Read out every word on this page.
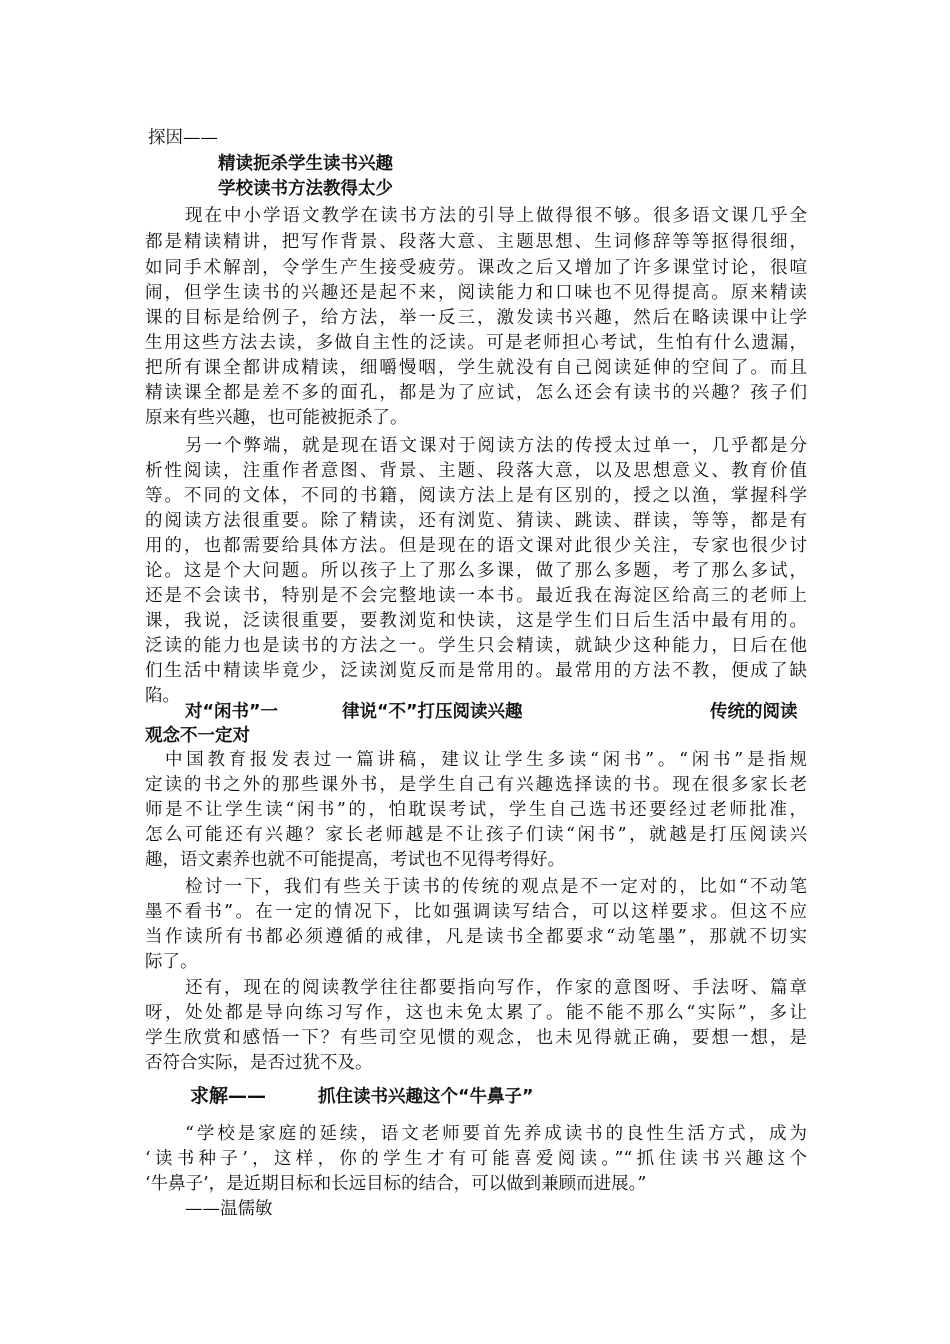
探因——
精读扼杀学生读书兴趣
学校读书方法教得太少
现在中小学语文教学在读书方法的引导上做得很不够。很多语文课几乎全
都是精读精讲，把写作背景、段落大意、主题思想、生词修辞等等抠得很细，
如同手术解剖，令学生产生接受疲劳。课改之后又增加了许多课堂讨论，很喧
闹，但学生读书的兴趣还是起不来，阅读能力和口味也不见得提高。原来精读
课的目标是给例子，给方法，举一反三，激发读书兴趣，然后在略读课中让学
生用这些方法去读，多做自主性的泛读。可是老师担心考试，生怕有什么遗漏，
把所有课全都讲成精读，细嚼慢咽，学生就没有自己阅读延伸的空间了。而且
精读课全都是差不多的面孔，都是为了应试，怎么还会有读书的兴趣？孩子们
原来有些兴趣，也可能被扼杀了。
另一个弊端，就是现在语文课对于阅读方法的传授太过单一，几乎都是分
析性阅读，注重作者意图、背景、主题、段落大意，以及思想意义、教育价值
等。不同的文体，不同的书籍，阅读方法上是有区别的，授之以渔，掌握科学
的阅读方法很重要。除了精读，还有浏览、猜读、跳读、群读，等等，都是有
用的，也都需要给具体方法。但是现在的语文课对此很少关注，专家也很少讨
论。这是个大问题。所以孩子上了那么多课，做了那么多题，考了那么多试，
还是不会读书，特别是不会完整地读一本书。最近我在海淀区给高三的老师上
课，我说，泛读很重要，要教浏览和快读，这是学生们日后生活中最有用的。
泛读的能力也是读书的方法之一。学生只会精读，就缺少这种能力，日后在他
们生活中精读毕竟少，泛读浏览反而是常用的。最常用的方法不教，便成了缺
陷。
对“闲书”一	律说“不”打压阅读兴趣	传统的阅读
观念不一定对
中国教育报发表过一篇讲稿，建议让学生多读“闲书”。“闲书”是指规
定读的书之外的那些课外书，是学生自己有兴趣选择读的书。现在很多家长老
师是不让学生读“闲书”的，怕耽误考试，学生自己选书还要经过老师批准，
怎么可能还有兴趣？家长老师越是不让孩子们读“闲书”，就越是打压阅读兴
趣，语文素养也就不可能提高，考试也不见得考得好。
检讨一下，我们有些关于读书的传统的观点是不一定对的，比如“不动笔
墨不看书”。在一定的情况下，比如强调读写结合，可以这样要求。但这不应
当作读所有书都必须遵循的戒律，凡是读书全都要求“动笔墨”，那就不切实
际了。
还有，现在的阅读教学往往都要指向写作，作家的意图呀、手法呀、篇章
呀，处处都是导向练习写作，这也未免太累了。能不能不那么“实际”，多让
学生欣赏和感悟一下？有些司空见惯的观念，也未见得就正确，要想一想，是
否符合实际，是否过犹不及。
求解——	抓住读书兴趣这个“牛鼻子”
“学校是家庭的延续，语文老师要首先养成读书的良性生活方式，成为
‘读书种子’，这样，你的学生才有可能喜爱阅读。”“抓住读书兴趣这个
‘牛鼻子’，是近期目标和长远目标的结合，可以做到兼顾而进展。”
——温儒敏
